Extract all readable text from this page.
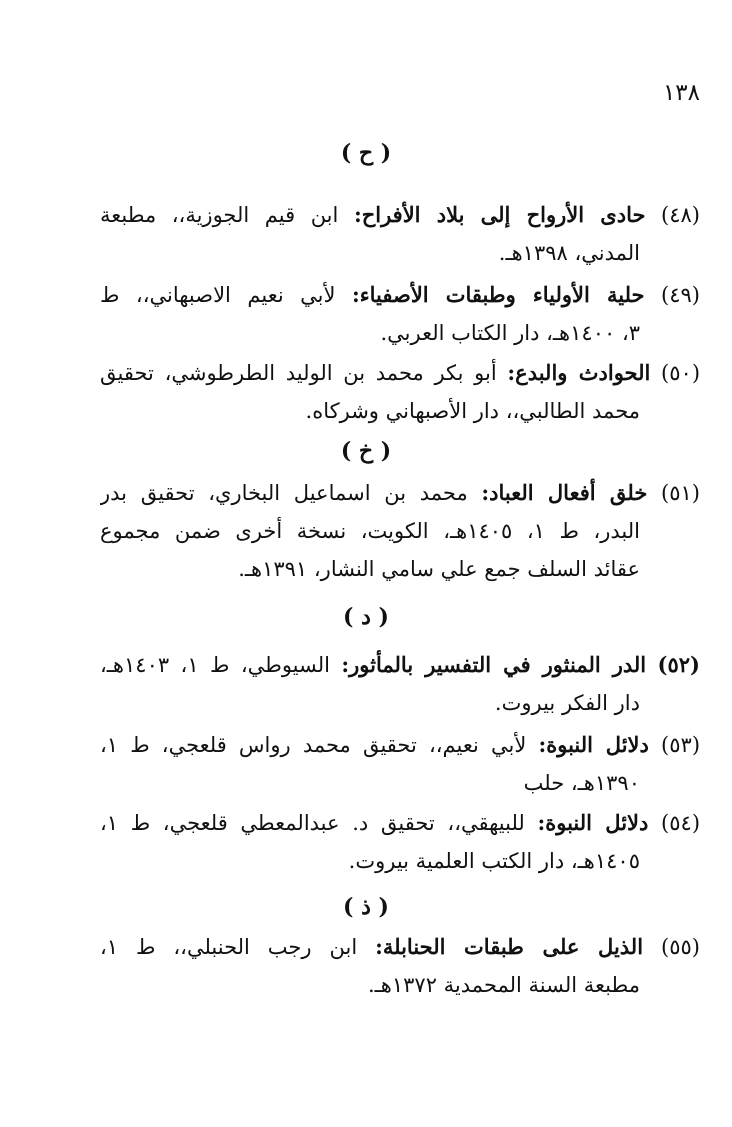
١٣٨
( ح )
(٤٨) حادى الأرواح إلى بلاد الأفراح: ابن قيم الجوزية،، مطبعة
المدني، ١٣٩٨هـ.
(٤٩) حلية الأولياء وطبقات الأصفياء: لأبي نعيم الاصبهاني،، ط
٣، ١٤٠٠هـ، دار الكتاب العربي.
(٥٠) الحوادث والبدع: أبو بكر محمد بن الوليد الطرطوشي، تحقيق
محمد الطالبي،، دار الأصبهاني وشركاه.
( خ )
(٥١) خلق أفعال العباد: محمد بن اسماعيل البخاري، تحقيق بدر
البدر، ط ١، ١٤٠٥هـ، الكويت، نسخة أخرى ضمن مجموع
عقائد السلف جمع علي سامي النشار، ١٣٩١هـ.
( د )
(٥٢) الدر المنثور في التفسير بالمأثور: السيوطي، ط ١، ١٤٠٣هـ،
دار الفكر بيروت.
(٥٣) دلائل النبوة: لأبي نعيم،، تحقيق محمد رواس قلعجي، ط ١،
١٣٩٠هـ، حلب
(٥٤) دلائل النبوة: للبيهقي،، تحقيق د. عبدالمعطي قلعجي، ط ١،
١٤٠٥هـ، دار الكتب العلمية بيروت.
( ذ )
(٥٥) الذيل على طبقات الحنابلة: ابن رجب الحنبلي،، ط ١،
مطبعة السنة المحمدية ١٣٧٢هـ.
